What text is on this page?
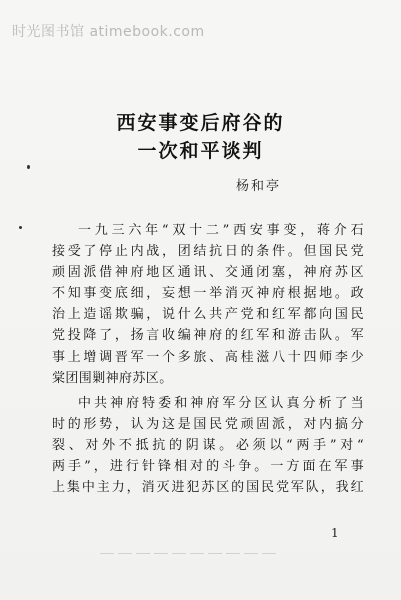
时光图书馆 atimebook.com
西安事变后府谷的
一次和平谈判
杨和亭
一九三六年“双十二”西安事变，蒋介石
接受了停止内战，团结抗日的条件。但国民党
顽固派借神府地区通讯、交通闭塞，神府苏区
不知事变底细，妄想一举消灭神府根据地。政
治上造谣欺骗，说什么共产党和红军都向国民
党投降了，扬言收编神府的红军和游击队。军
事上增调晋军一个多旅、高桂滋八十四师李少
棠团围剿神府苏区。
中共神府特委和神府军分区认真分析了当
时的形势，认为这是国民党顽固派，对内搞分
裂、对外不抵抗的阴谋。必须以“两手”对“
两手”，进行针锋相对的斗争。一方面在军事
上集中主力，消灭进犯苏区的国民党军队，我红
1
